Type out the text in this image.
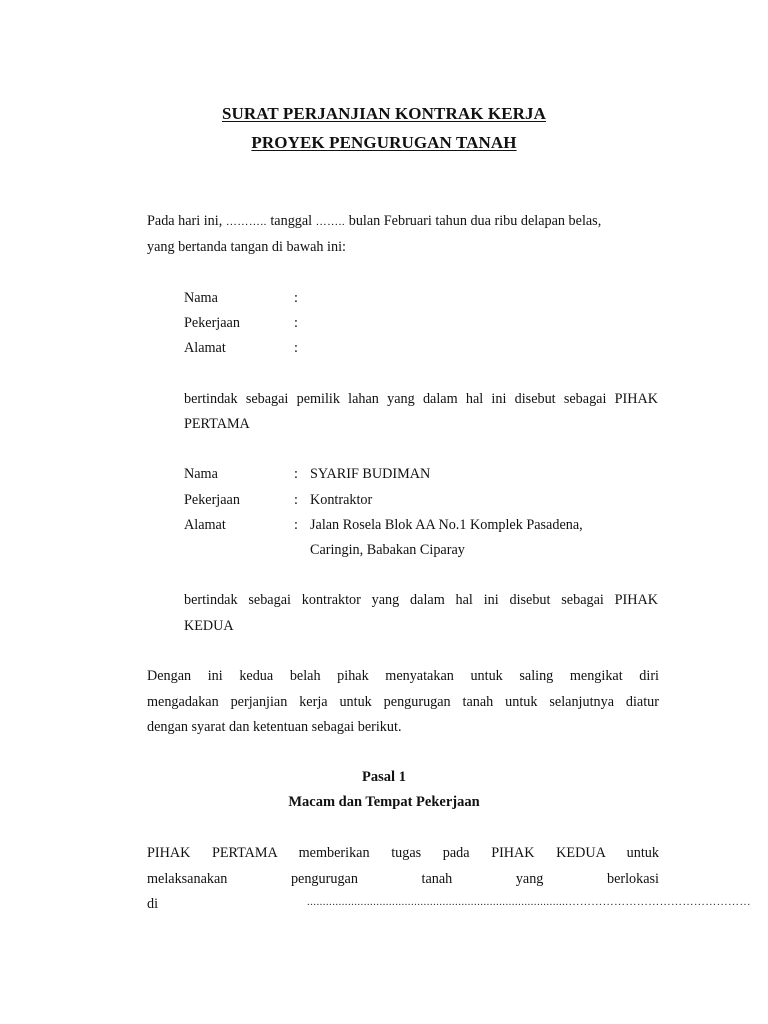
SURAT PERJANJIAN KONTRAK KERJA
PROYEK PENGURUGAN TANAH
Pada hari ini, ……….. tanggal …….. bulan Februari tahun dua ribu delapan belas,
yang bertanda tangan di bawah ini:
Nama	:
Pekerjaan	:
Alamat	:
bertindak sebagai pemilik lahan yang dalam hal ini disebut sebagai PIHAK
PERTAMA
Nama	: SYARIF BUDIMAN
Pekerjaan	: Kontraktor
Alamat	: Jalan Rosela Blok AA No.1 Komplek Pasadena,
Caringin, Babakan Ciparay
bertindak sebagai kontraktor yang dalam hal ini disebut sebagai PIHAK
KEDUA
Dengan ini kedua belah pihak menyatakan untuk saling mengikat diri
mengadakan perjanjian kerja untuk pengurugan tanah untuk selanjutnya diatur
dengan syarat dan ketentuan sebagai berikut.
Pasal 1
Macam dan Tempat Pekerjaan
PIHAK PERTAMA memberikan tugas pada PIHAK KEDUA untuk
melaksanakan pengurugan tanah yang berlokasi
di	...................................................................................…………………………………………
